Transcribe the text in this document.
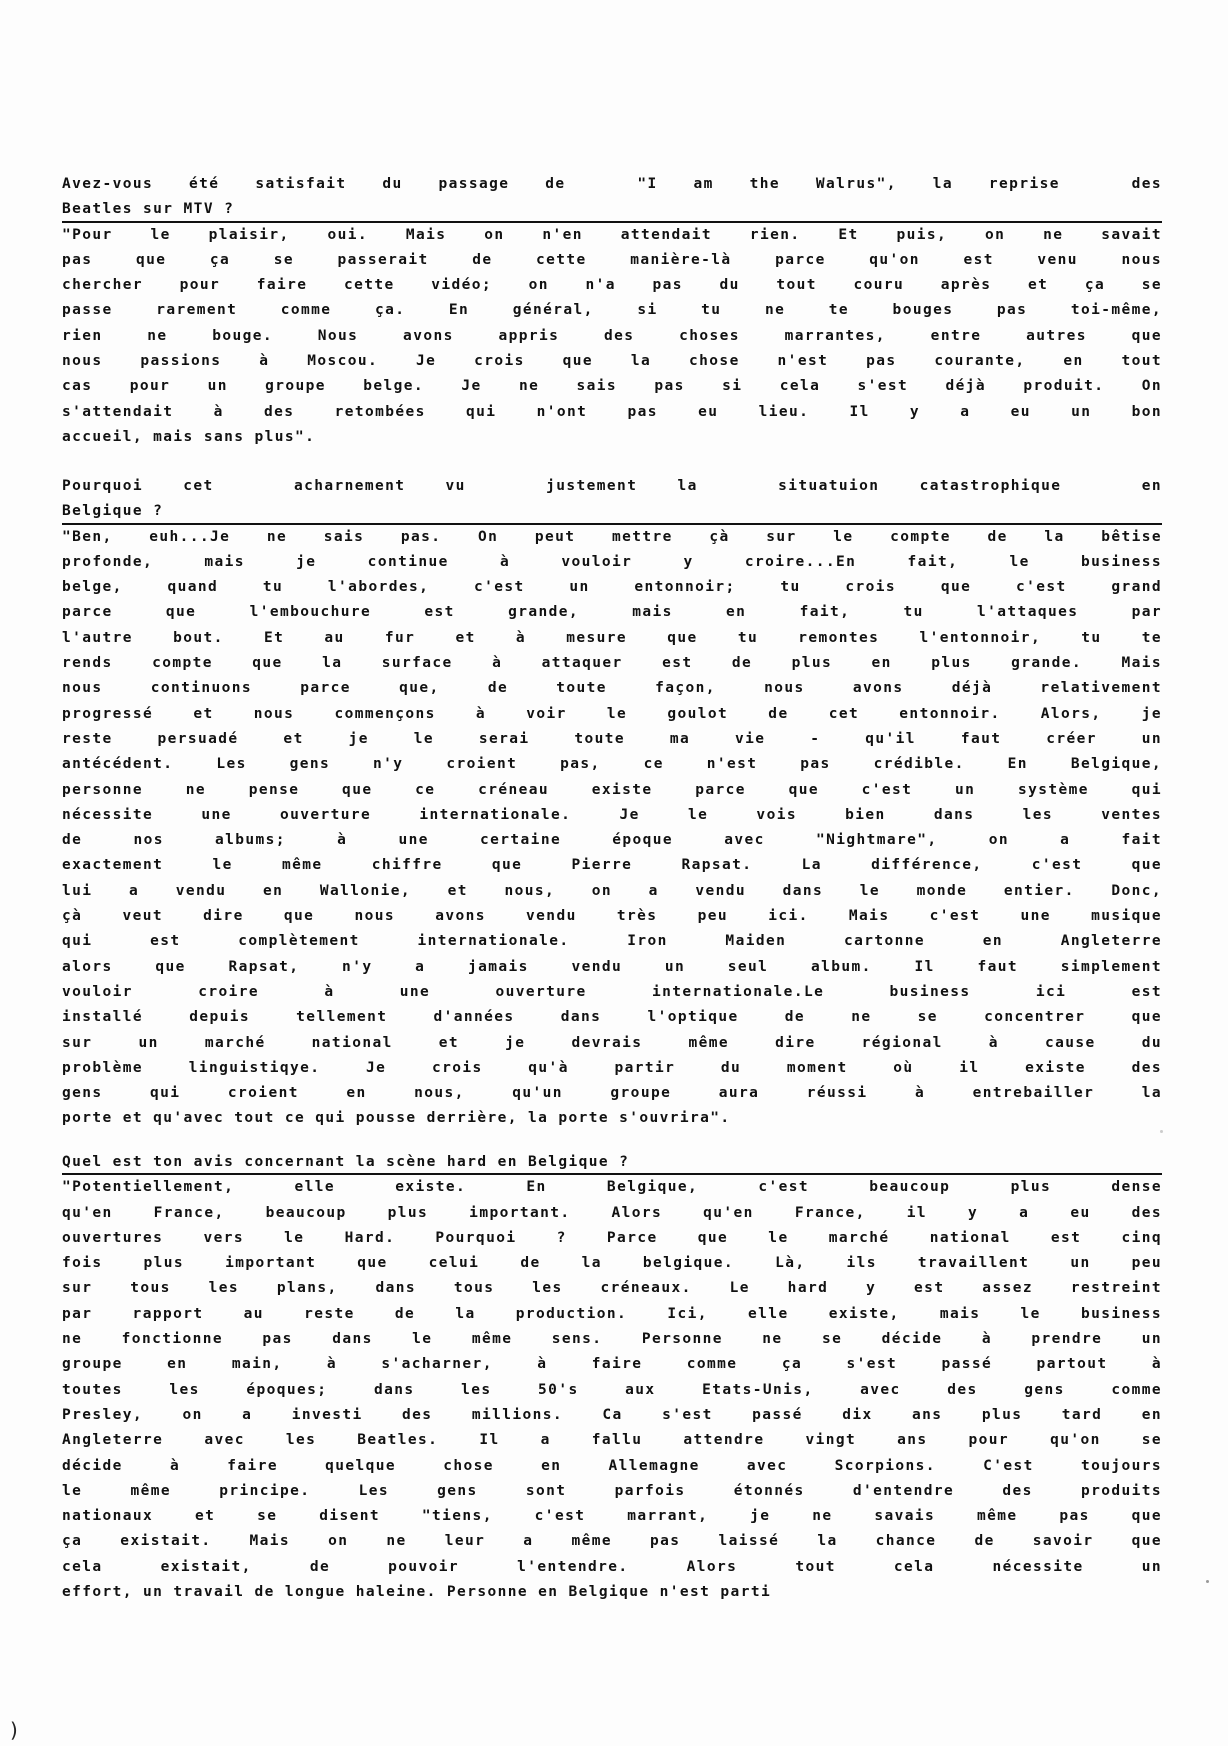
Avez-vous été satisfait du passage de  "I am the Walrus", la reprise  des
Beatles sur MTV ?
"Pour le plaisir, oui. Mais on n'en attendait rien. Et puis, on ne savait
pas que ça se passerait de cette manière-là parce qu'on est venu nous
chercher pour faire cette vidéo; on n'a pas du tout couru après et ça se
passe rarement comme ça. En général, si tu ne te bouges pas toi-même,
rien ne bouge. Nous avons appris des choses marrantes, entre autres que
nous passions à Moscou. Je crois que la chose n'est pas courante, en tout
cas pour un groupe belge. Je ne sais pas si cela s'est déjà produit. On
s'attendait à des retombées qui n'ont pas eu lieu. Il y a eu un bon
accueil, mais sans plus".
Pourquoi cet  acharnement vu  justement la  situatuion catastrophique  en
Belgique ?
"Ben, euh...Je ne sais pas. On peut mettre çà sur le compte de la bêtise
profonde, mais je continue à vouloir y croire...En fait, le business
belge, quand tu l'abordes, c'est un entonnoir; tu crois que c'est grand
parce que l'embouchure est grande, mais en fait, tu l'attaques par
l'autre bout. Et au fur et à mesure que tu remontes l'entonnoir, tu te
rends compte que la surface à attaquer est de plus en plus grande. Mais
nous continuons parce que, de toute façon, nous avons déjà relativement
progressé et nous commençons à voir le goulot de cet entonnoir. Alors, je
reste persuadé et je le serai toute ma vie - qu'il faut créer un
antécédent. Les gens n'y croient pas, ce n'est pas crédible. En Belgique,
personne ne pense que ce créneau existe parce que c'est un système qui
nécessite une ouverture internationale. Je le vois bien dans les ventes
de nos albums; à une certaine époque avec "Nightmare", on a fait
exactement le même chiffre que Pierre Rapsat. La différence, c'est que
lui a vendu en Wallonie, et nous, on a vendu dans le monde entier. Donc,
çà veut dire que nous avons vendu très peu ici. Mais c'est une musique
qui est complètement internationale. Iron Maiden cartonne en Angleterre
alors que Rapsat, n'y a jamais vendu un seul album. Il faut simplement
vouloir croire à une ouverture internationale.Le business ici est
installé depuis tellement d'années dans l'optique de ne se concentrer que
sur un marché national et je devrais même dire régional à cause du
problème linguistiqye. Je crois qu'à partir du moment où il existe des
gens qui croient en nous, qu'un groupe aura réussi à entrebailler la
porte et qu'avec tout ce qui pousse derrière, la porte s'ouvrira".
Quel est ton avis concernant la scène hard en Belgique ?
"Potentiellement, elle existe. En Belgique, c'est beaucoup plus dense
qu'en France, beaucoup plus important. Alors qu'en France, il y a eu des
ouvertures vers le Hard. Pourquoi ? Parce que le marché national est cinq
fois plus important que celui de la belgique. Là, ils travaillent un peu
sur tous les plans, dans tous les créneaux. Le hard y est assez restreint
par rapport au reste de la production. Ici, elle existe, mais le business
ne fonctionne pas dans le même sens. Personne ne se décide à prendre un
groupe en main, à s'acharner, à faire comme ça s'est passé partout à
toutes les époques; dans les 50's aux Etats-Unis, avec des gens comme
Presley, on a investi des millions. Ca s'est passé dix ans plus tard en
Angleterre avec les Beatles. Il a fallu attendre vingt ans pour qu'on se
décide à faire quelque chose en Allemagne avec Scorpions. C'est toujours
le même principe. Les gens sont parfois étonnés d'entendre des produits
nationaux et se disent "tiens, c'est marrant, je ne savais même pas que
ça existait. Mais on ne leur a même pas laissé la chance de savoir que
cela existait, de pouvoir l'entendre. Alors tout cela nécessite un
effort, un travail de longue haleine. Personne en Belgique n'est parti
)
